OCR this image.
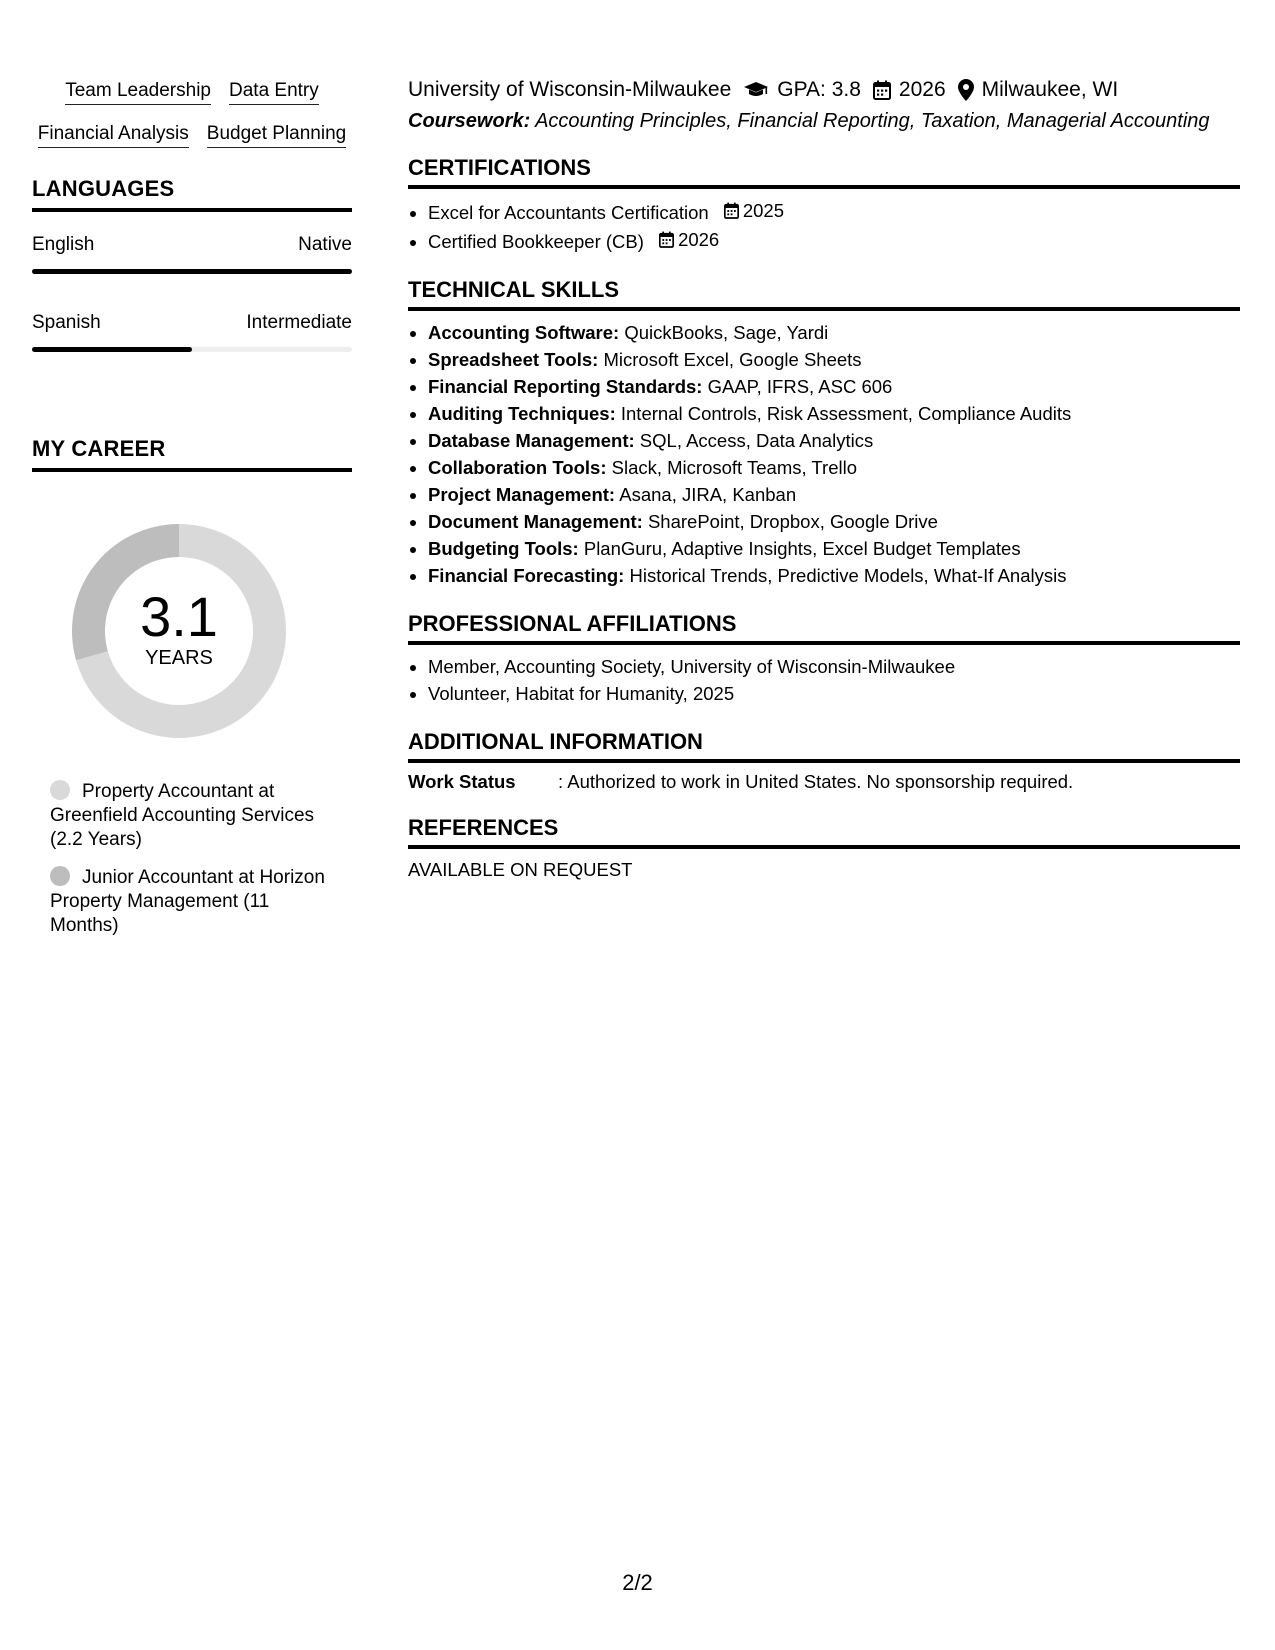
Team Leadership Data Entry
Financial Analysis Budget Planning
LANGUAGES
English	Native
Spanish	Intermediate
MY CAREER
3.1
YEARS
Property Accountant at Greenfield Accounting Services (2.2 Years)
Junior Accountant at Horizon Property Management (11 Months)
University of Wisconsin-Milwaukee GPA: 3.8 2026 Milwaukee, WI
Coursework: Accounting Principles, Financial Reporting, Taxation, Managerial Accounting
CERTIFICATIONS
• Excel for Accountants Certification 2025
• Certified Bookkeeper (CB) 2026
TECHNICAL SKILLS
• Accounting Software: QuickBooks, Sage, Yardi
• Spreadsheet Tools: Microsoft Excel, Google Sheets
• Financial Reporting Standards: GAAP, IFRS, ASC 606
• Auditing Techniques: Internal Controls, Risk Assessment, Compliance Audits
• Database Management: SQL, Access, Data Analytics
• Collaboration Tools: Slack, Microsoft Teams, Trello
• Project Management: Asana, JIRA, Kanban
• Document Management: SharePoint, Dropbox, Google Drive
• Budgeting Tools: PlanGuru, Adaptive Insights, Excel Budget Templates
• Financial Forecasting: Historical Trends, Predictive Models, What-If Analysis
PROFESSIONAL AFFILIATIONS
• Member, Accounting Society, University of Wisconsin-Milwaukee
• Volunteer, Habitat for Humanity, 2025
ADDITIONAL INFORMATION
Work Status	: Authorized to work in United States. No sponsorship required.
REFERENCES
AVAILABLE ON REQUEST
2/2
